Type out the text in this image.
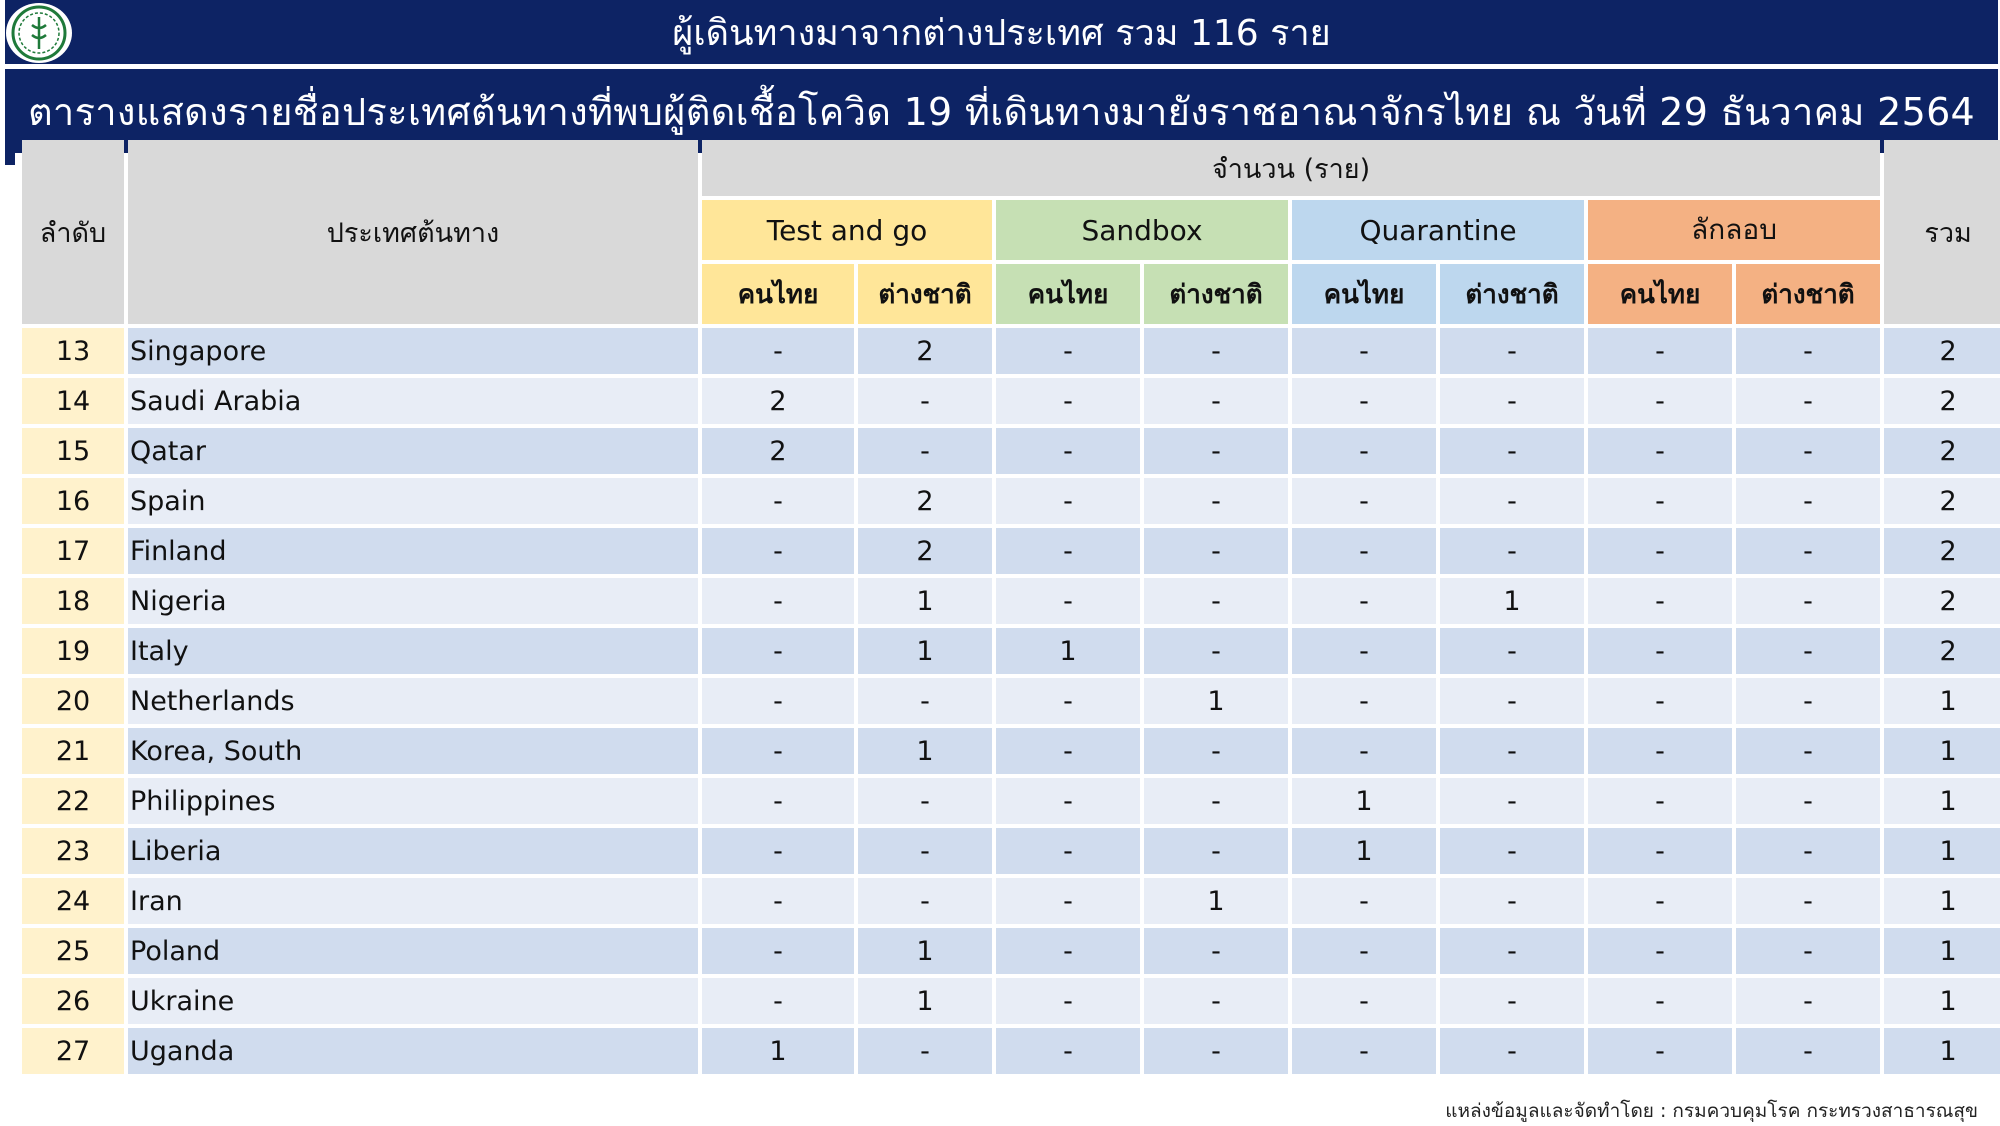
ผู้เดินทางมาจากต่างประเทศ รวม 116 ราย
ตารางแสดงรายชื่อประเทศต้นทางที่พบผู้ติดเชื้อโควิด 19 ที่เดินทางมายังราชอาณาจักรไทย ณ วันที่ 29 ธันวาคม 2564
ลำดับ	ประเทศต้นทาง	จำนวน (ราย)								รวม
		Test and go		Sandbox		Quarantine		ลักลอบ		
		คนไทย	ต่างชาติ	คนไทย	ต่างชาติ	คนไทย	ต่างชาติ	คนไทย	ต่างชาติ	
13	Singapore	-	2	-	-	-	-	-	-	2
14	Saudi Arabia	2	-	-	-	-	-	-	-	2
15	Qatar	2	-	-	-	-	-	-	-	2
16	Spain	-	2	-	-	-	-	-	-	2
17	Finland	-	2	-	-	-	-	-	-	2
18	Nigeria	-	1	-	-	-	1	-	-	2
19	Italy	-	1	1	-	-	-	-	-	2
20	Netherlands	-	-	-	1	-	-	-	-	1
21	Korea, South	-	1	-	-	-	-	-	-	1
22	Philippines	-	-	-	-	1	-	-	-	1
23	Liberia	-	-	-	-	1	-	-	-	1
24	Iran	-	-	-	1	-	-	-	-	1
25	Poland	-	1	-	-	-	-	-	-	1
26	Ukraine	-	1	-	-	-	-	-	-	1
27	Uganda	1	-	-	-	-	-	-	-	1
แหล่งข้อมูลและจัดทำโดย : กรมควบคุมโรค กระทรวงสาธารณสุข
